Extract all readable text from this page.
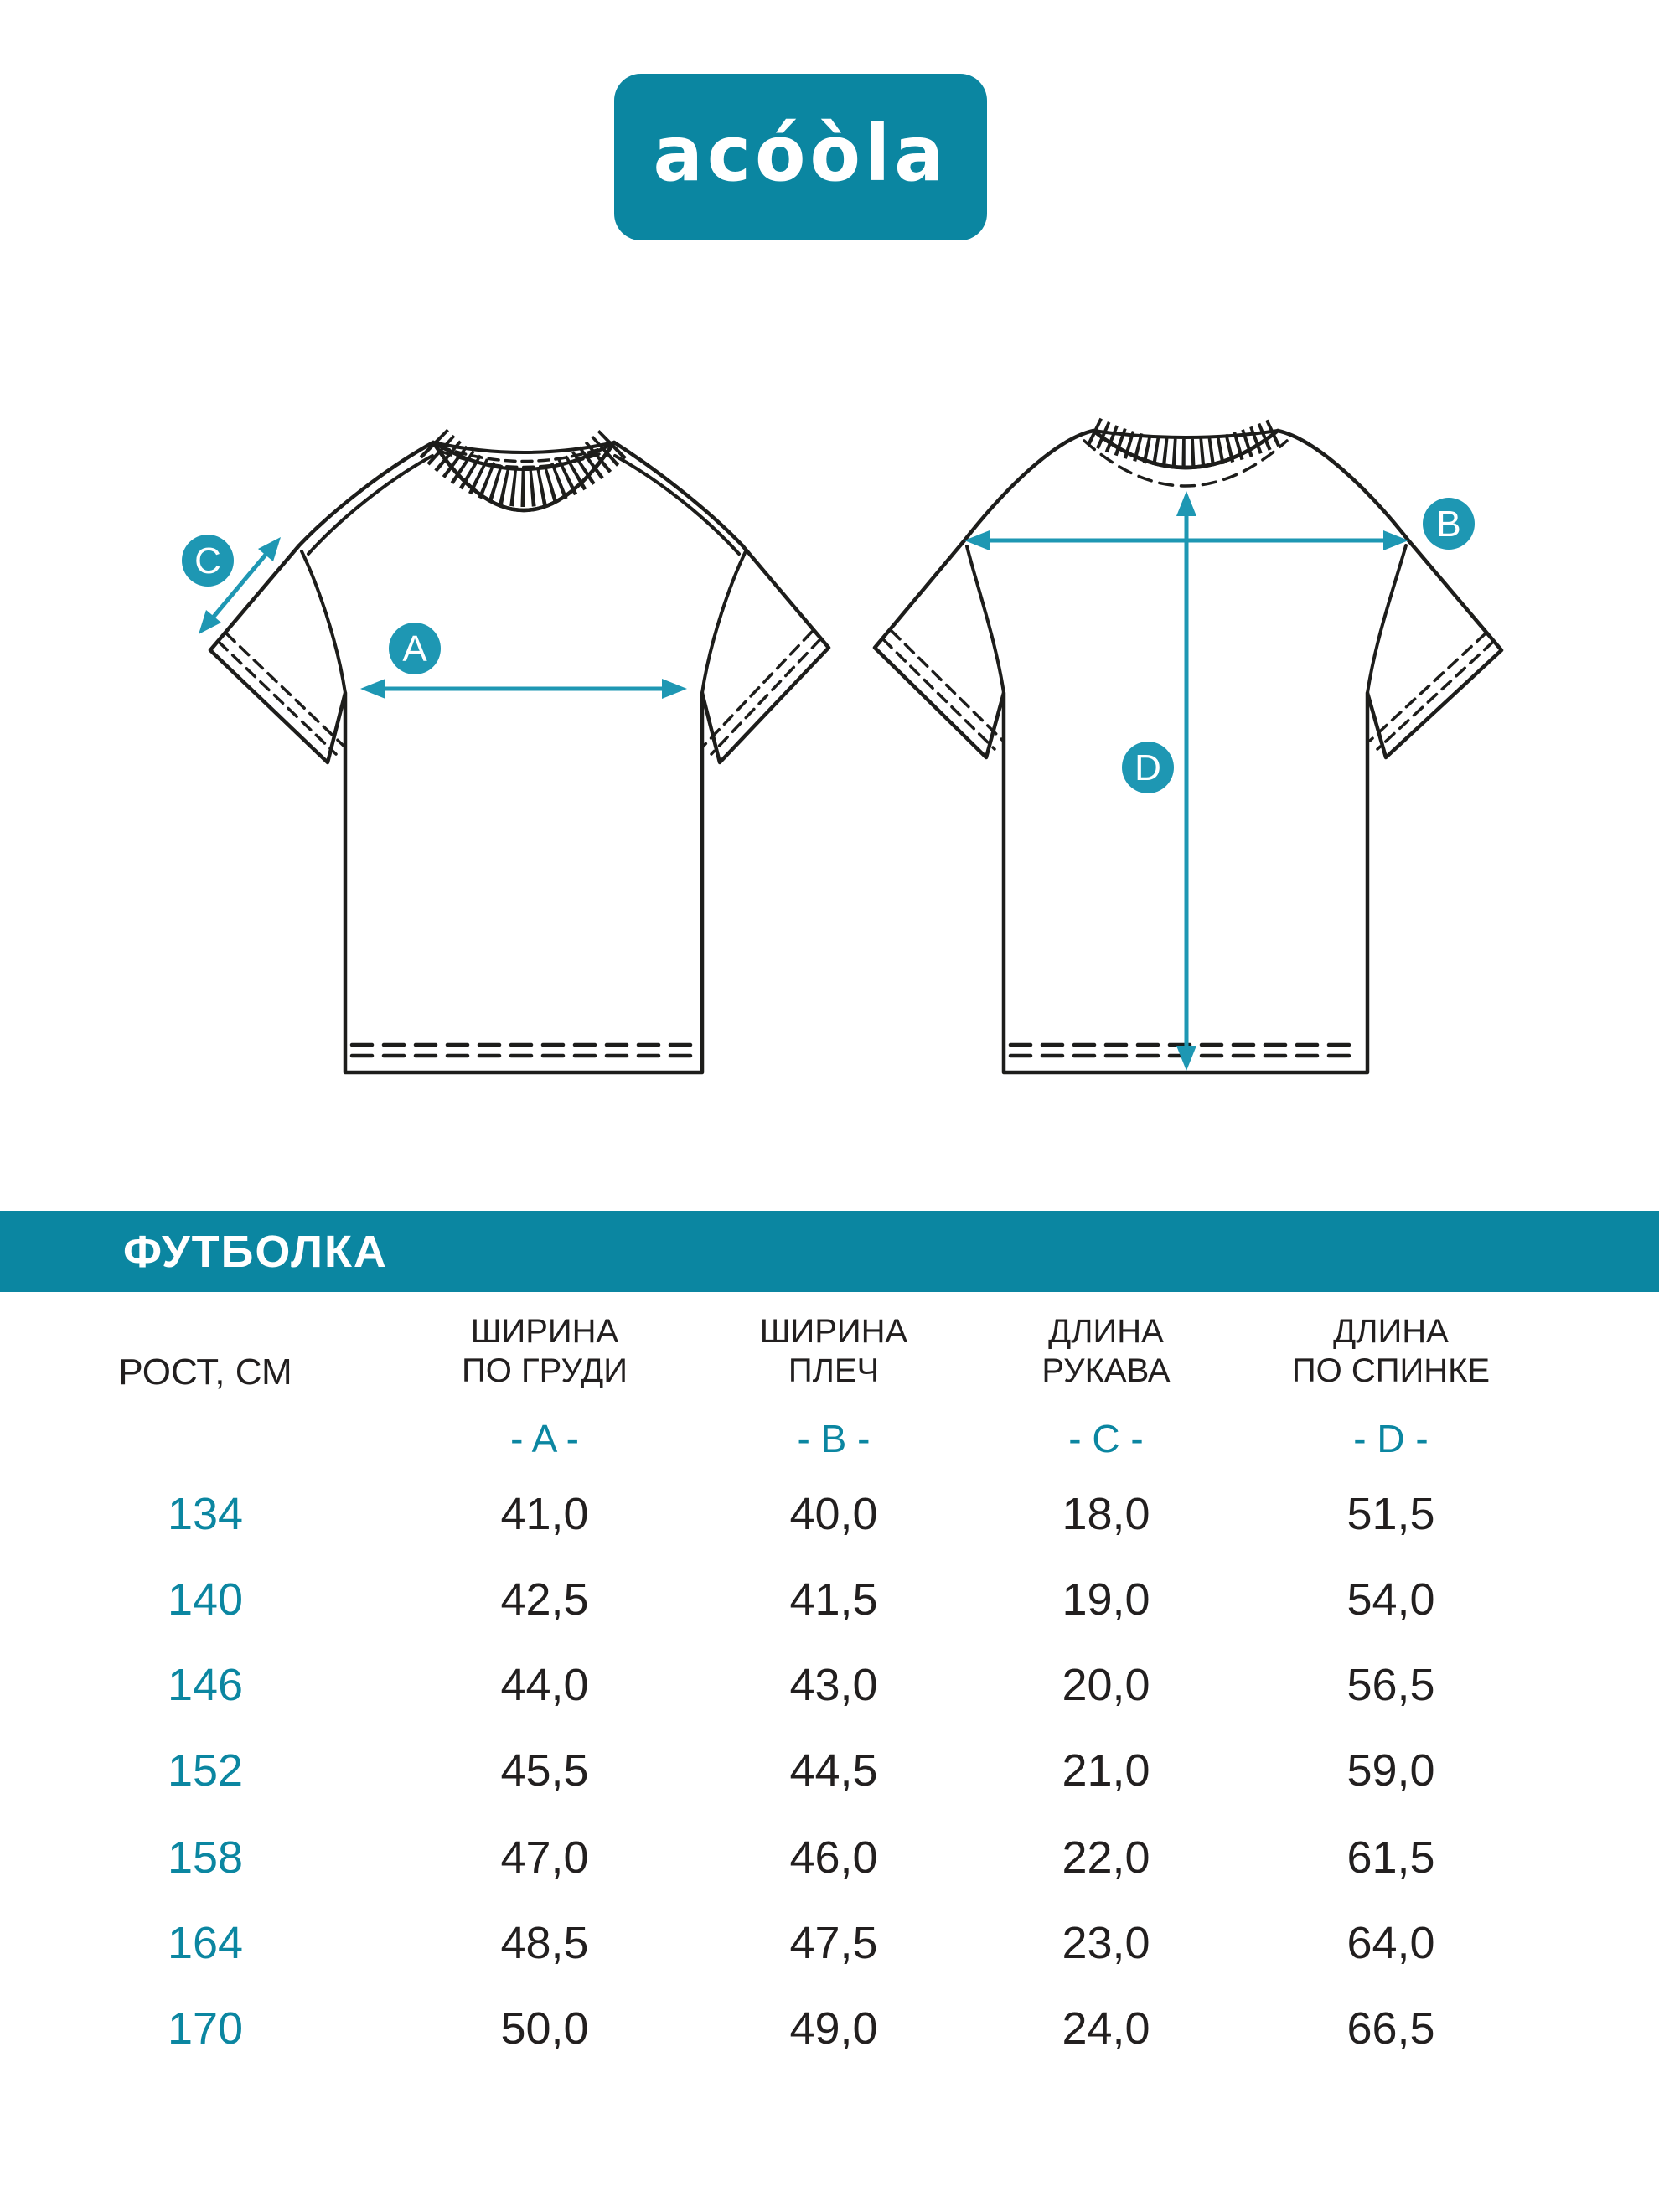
acóòla
C
A
B
D
ФУТБОЛКА
РОСТ, СМ
ШИРИНА
ПО ГРУДИ
- A -
ШИРИНА
ПЛЕЧ
- B -
ДЛИНА
РУКАВА
- C -
ДЛИНА
ПО СПИНКЕ
- D -
134	41,0	40,0	18,0	51,5
140	42,5	41,5	19,0	54,0
146	44,0	43,0	20,0	56,5
152	45,5	44,5	21,0	59,0
158	47,0	46,0	22,0	61,5
164	48,5	47,5	23,0	64,0
170	50,0	49,0	24,0	66,5
